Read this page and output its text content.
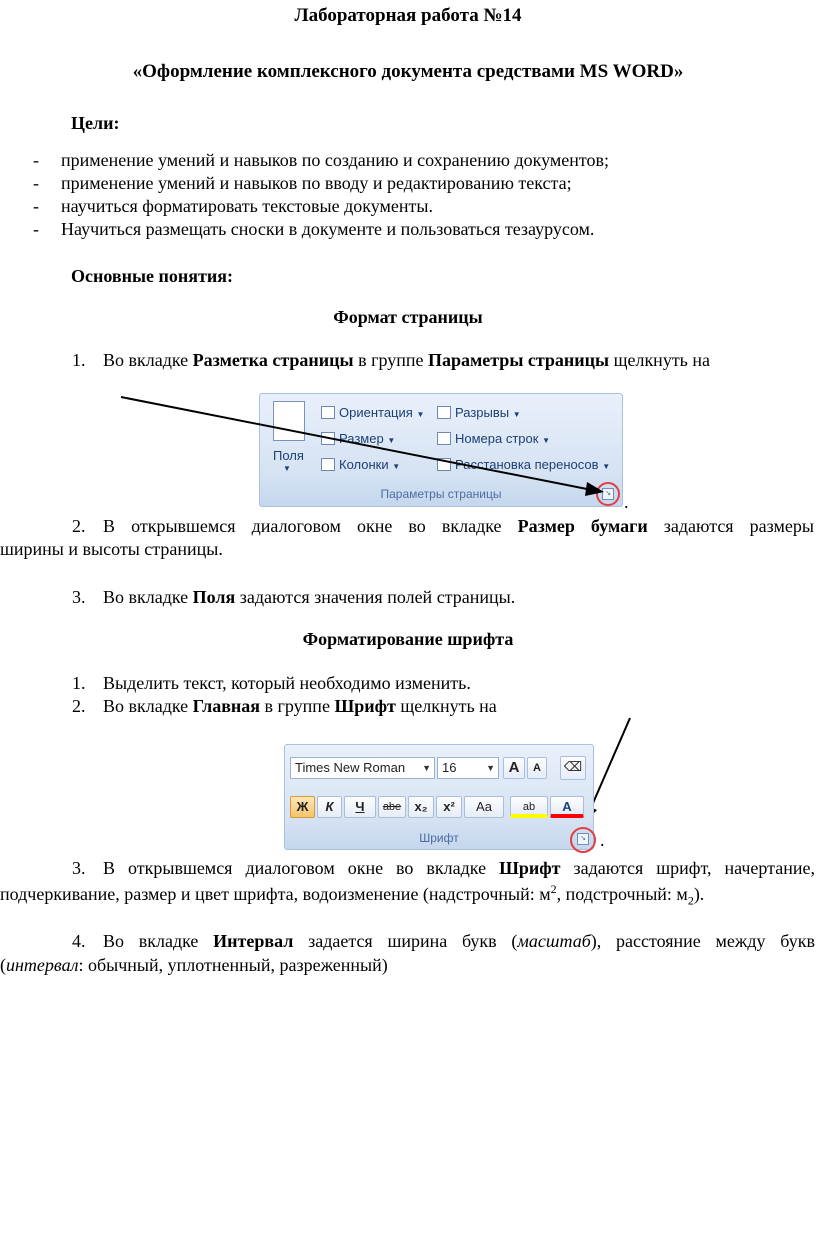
Лабораторная работа №14
«Оформление комплексного документа средствами MS WORD»
Цели:
- применение умений и навыков по созданию и сохранению документов;
- применение умений и навыков по вводу и редактированию текста;
- научиться форматировать текстовые документы.
- Научиться размещать сноски в документе и пользоваться тезаурусом.
Основные понятия:
Формат страницы
1. Во вкладке Разметка страницы в группе Параметры страницы щелкнуть на
Поля
▼
Ориентация ▼
Размер ▼
Колонки ▼
Разрывы ▼
Номера строк ▼
Расстановка переносов ▼
Параметры страницы	↘ .
2. В открывшемся диалоговом окне во вкладке Размер бумаги задаются размеры
ширины и высоты страницы.
3. Во вкладке Поля задаются значения полей страницы.
Форматирование шрифта
1. Выделить текст, который необходимо изменить.
2. Во вкладке Главная в группе Шрифт щелкнуть на
Times New Roman ▼ 16	▼ A	A	⌫
Ж	К	Ч	abe	x₂	x²	Aa	ab	A
Шрифт	↘ .
3. В открывшемся диалоговом окне во вкладке Шрифт задаются шрифт, начертание,
подчеркивание, размер и цвет шрифта, водоизменение (надстрочный: $м^2$, подстрочный: $м_2$).
4. Во вкладке Интервал задается ширина букв (масштаб), расстояние между букв
(интервал: обычный, уплотненный, разреженный)
